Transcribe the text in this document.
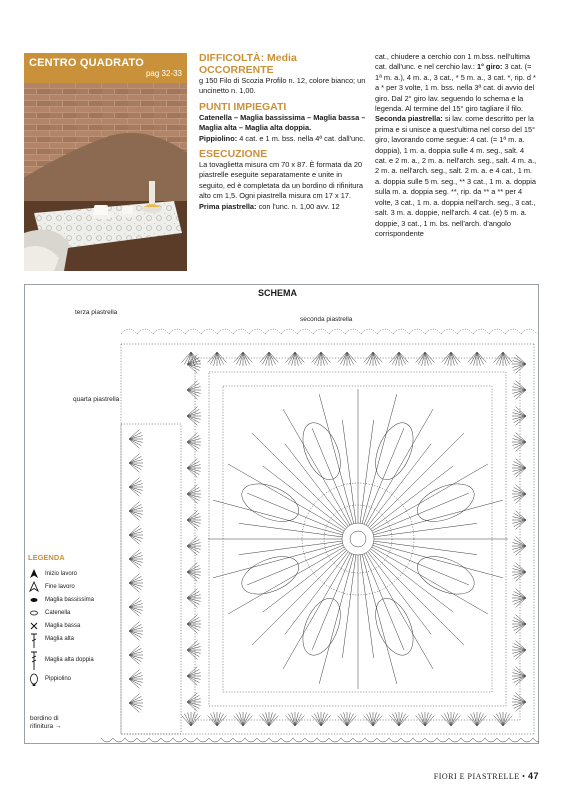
CENTRO QUADRATO
pag 32-33
DIFFICOLTÀ: Media
OCCORRENTE

g 150 Filo di Scozia Profilo n. 12, colore bianco; un uncinetto n. 1,00.

PUNTI IMPIEGATI

Catenella – Maglia bassissima – Maglia bassa – Maglia alta – Maglia alta doppia.

Pippiolino: 4 cat. e 1 m. bss. nella 4ª cat. dall'unc.

ESECUZIONE

La tovaglietta misura cm 70 x 87. È formata da 20 piastrelle eseguite separatamente e unite in seguito, ed è completata da un bordino di rifinitura alto cm 1,5. Ogni piastrella misura cm 17 x 17.

Prima piastrella: con l'unc. n. 1,00 avv. 12

cat., chiudere a cerchio con 1 m.bss. nell'ultima cat. dall'unc. e nel cerchio lav.: 1° giro: 3 cat. (= 1ª m. a.), 4 m. a., 3 cat., * 5 m. a., 3 cat. *, rip. d * a * per 3 volte, 1 m. bss. nella 3ª cat. di avvio del giro. Dal 2° giro lav. seguendo lo schema e la legenda. Al termine del 15° giro tagliare il filo.

Seconda piastrella: si lav. come descritto per la prima e si unisce a quest'ultima nel corso del 15° giro, lavorando come segue: 4 cat. (= 1ª m. a. doppia), 1 m. a. doppia sulle 4 m. seg., salt. 4 cat. e 2 m. a., 2 m. a. nell'arch. seg., salt. 4 m. a., 2 m. a. nell'arch. seg., salt. 2 m. a. e 4 cat., 1 m. a. doppia sulle 5 m. seg., ** 3 cat., 1 m. a. doppia sulla m. a. doppia seg. **, rip. da ** a ** per 4 volte, 3 cat., 1 m. a. doppia nell'arch. seg., 3 cat., salt. 3 m. a. doppie, nell'arch. 4 cat. (e) 5 m. a. doppie, 3 cat., 1 m. bs. nell'arch. d'angolo corrispondente

SCHEMA
terza piastrella
seconda piastrella
quarta piastrella
bordino di rifinitura →
LEGENDA
Inizio lavoro
Fine lavoro
Maglia bassissima
Catenella
Maglia bassa
Maglia alta
Maglia alta doppia
Pippiolino
FIORI E PIASTRELLE • 47
